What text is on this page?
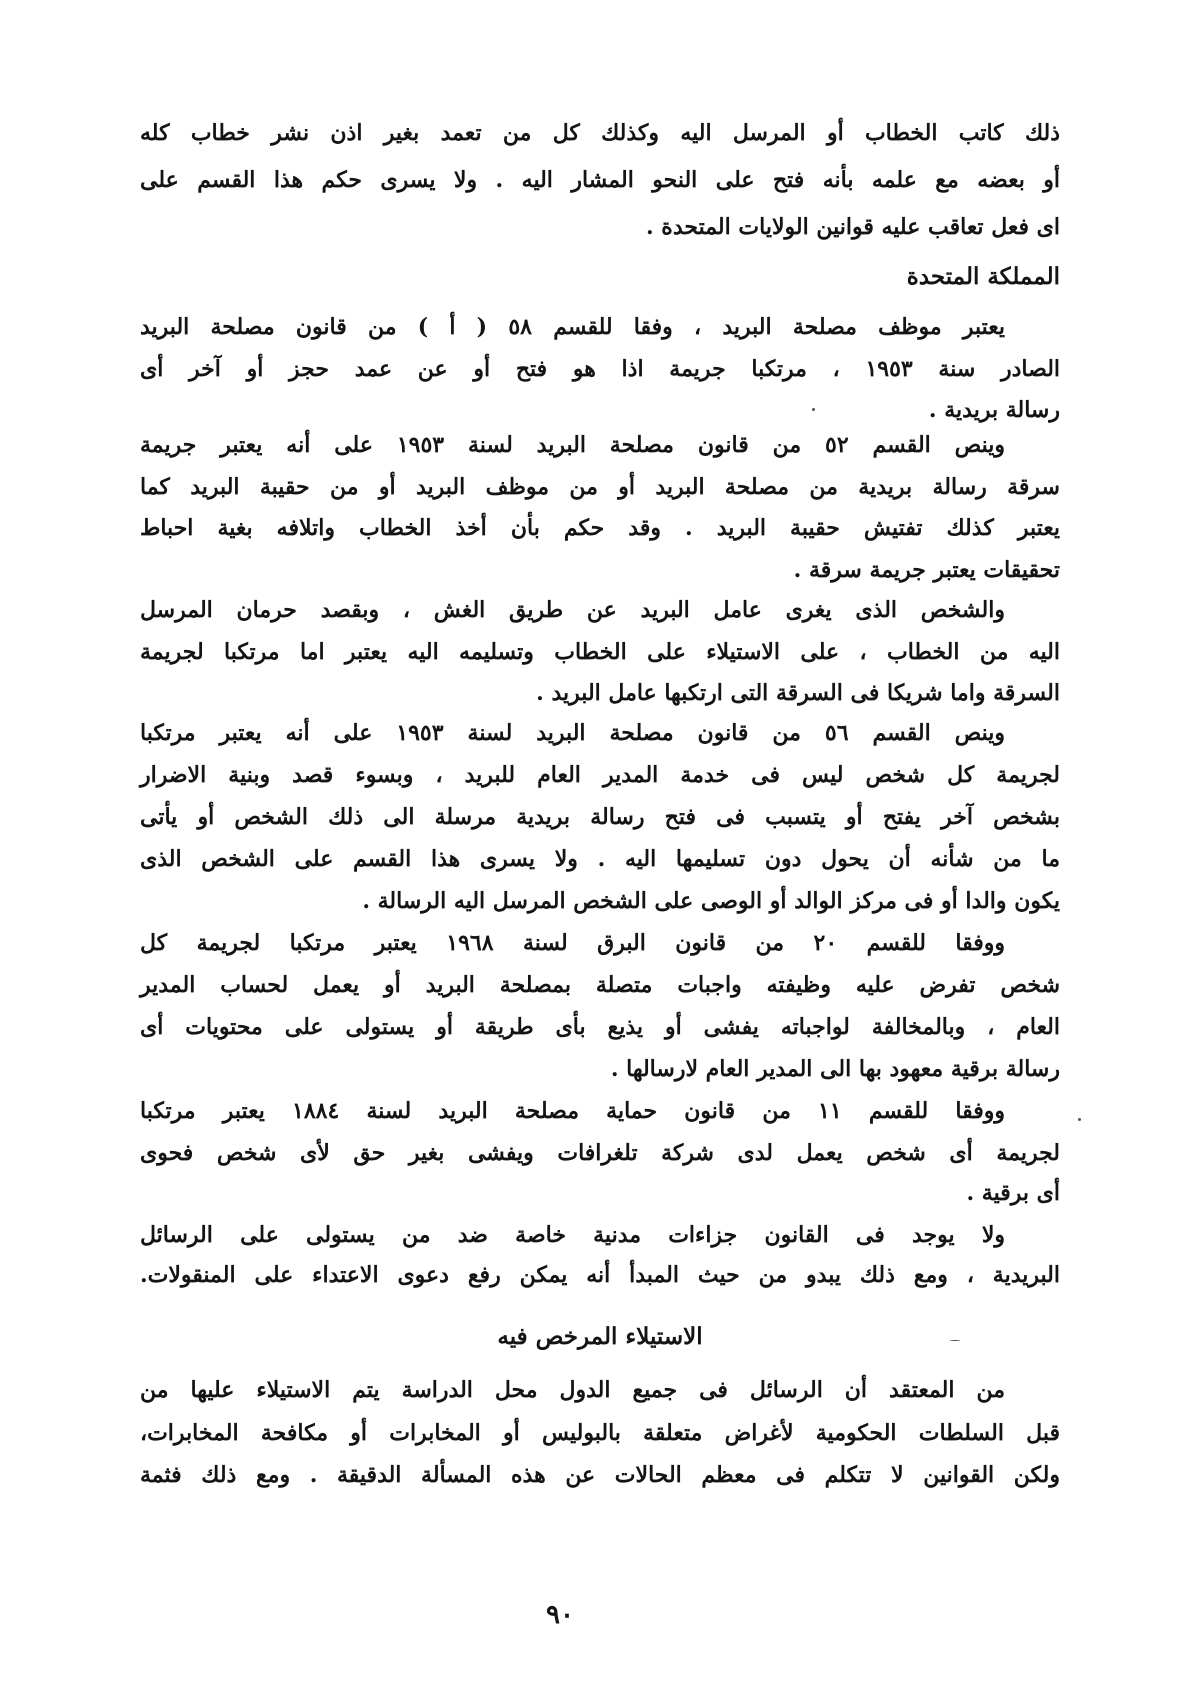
ذلك كاتب الخطاب أو المرسل اليه وكذلك كل من تعمد بغير اذن نشر خطاب كله
أو بعضه مع علمه بأنه فتح على النحو المشار اليه . ولا يسرى حكم هذا القسم على
اى فعل تعاقب عليه قوانين الولايات المتحدة .
المملكة المتحدة
يعتبر موظف مصلحة البريد ، وفقا للقسم ٥٨ ( أ ) من قانون مصلحة البريد
الصادر سنة ١٩٥٣ ، مرتكبا جريمة اذا هو فتح أو عن عمد حجز أو آخر أى
رسالة بريدية .
وينص القسم ٥٢ من قانون مصلحة البريد لسنة ١٩٥٣ على أنه يعتبر جريمة
سرقة رسالة بريدية من مصلحة البريد أو من موظف البريد أو من حقيبة البريد كما
يعتبر كذلك تفتيش حقيبة البريد . وقد حكم بأن أخذ الخطاب واتلافه بغية احباط
تحقيقات يعتبر جريمة سرقة .
والشخص الذى يغرى عامل البريد عن طريق الغش ، وبقصد حرمان المرسل
اليه من الخطاب ، على الاستيلاء على الخطاب وتسليمه اليه يعتبر اما مرتكبا لجريمة
السرقة واما شريكا فى السرقة التى ارتكبها عامل البريد .
وينص القسم ٥٦ من قانون مصلحة البريد لسنة ١٩٥٣ على أنه يعتبر مرتكبا
لجريمة كل شخص ليس فى خدمة المدير العام للبريد ، وبسوء قصد وبنية الاضرار
بشخص آخر يفتح أو يتسبب فى فتح رسالة بريدية مرسلة الى ذلك الشخص أو يأتى
ما من شأنه أن يحول دون تسليمها اليه . ولا يسرى هذا القسم على الشخص الذى
يكون والدا أو فى مركز الوالد أو الوصى على الشخص المرسل اليه الرسالة .
ووفقا للقسم ٢٠ من قانون البرق لسنة ١٩٦٨ يعتبر مرتكبا لجريمة كل
شخص تفرض عليه وظيفته واجبات متصلة بمصلحة البريد أو يعمل لحساب المدير
العام ، وبالمخالفة لواجباته يفشى أو يذيع بأى طريقة أو يستولى على محتويات أى
رسالة برقية معهود بها الى المدير العام لارسالها .
ووفقا للقسم ١١ من قانون حماية مصلحة البريد لسنة ١٨٨٤ يعتبر مرتكبا
لجريمة أى شخص يعمل لدى شركة تلغرافات ويفشى بغير حق لأى شخص فحوى
أى برقية .
ولا يوجد فى القانون جزاءات مدنية خاصة ضد من يستولى على الرسائل
البريدية ، ومع ذلك يبدو من حيث المبدأ أنه يمكن رفع دعوى الاعتداء على المنقولات.
الاستيلاء المرخص فيه
من المعتقد أن الرسائل فى جميع الدول محل الدراسة يتم الاستيلاء عليها من
قبل السلطات الحكومية لأغراض متعلقة بالبوليس أو المخابرات أو مكافحة المخابرات،
ولكن القوانين لا تتكلم فى معظم الحالات عن هذه المسألة الدقيقة . ومع ذلك فثمة
٩٠
